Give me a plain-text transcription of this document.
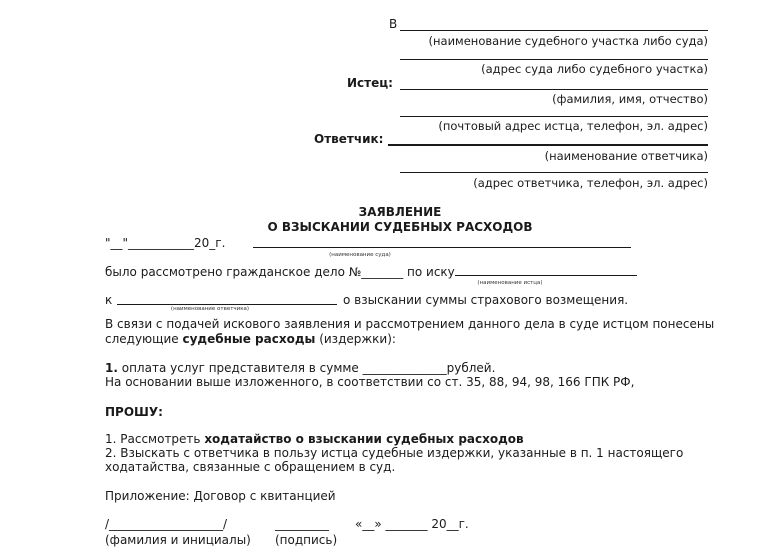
В
(наименование судебного участка либо суда)
(адрес суда либо судебного участка)
Истец:
(фамилия, имя, отчество)
(почтовый адрес истца, телефон, эл. адрес)
Ответчик:
(наименование ответчика)
(адрес ответчика, телефон, эл. адрес)
ЗАЯВЛЕНИЕ
О ВЗЫСКАНИИ СУДЕБНЫХ РАСХОДОВ
"__"___________20_г.
(наименование суда)
было рассмотрено гражданское дело №_______ по иску
(наименование истца)
к
(наименование ответчика)
о взыскании суммы страхового возмещения.
В связи с подачей искового заявления и рассмотрением данного дела в суде истцом понесены
следующие судебные расходы (издержки):
1. оплата услуг представителя в сумме ______________рублей.
На основании выше изложенного, в соответствии со ст. 35, 88, 94, 98, 166 ГПК РФ,
ПРОШУ:
1. Рассмотреть ходатайство о взыскании судебных расходов
2. Взыскать с ответчика в пользу истца судебные издержки, указанные в п. 1 настоящего
ходатайства, связанные с обращением в суд.
Приложение: Договор с квитанцией
/___________________/	_________ «__» _______ 20__г.
(фамилия и инициалы) (подпись)
